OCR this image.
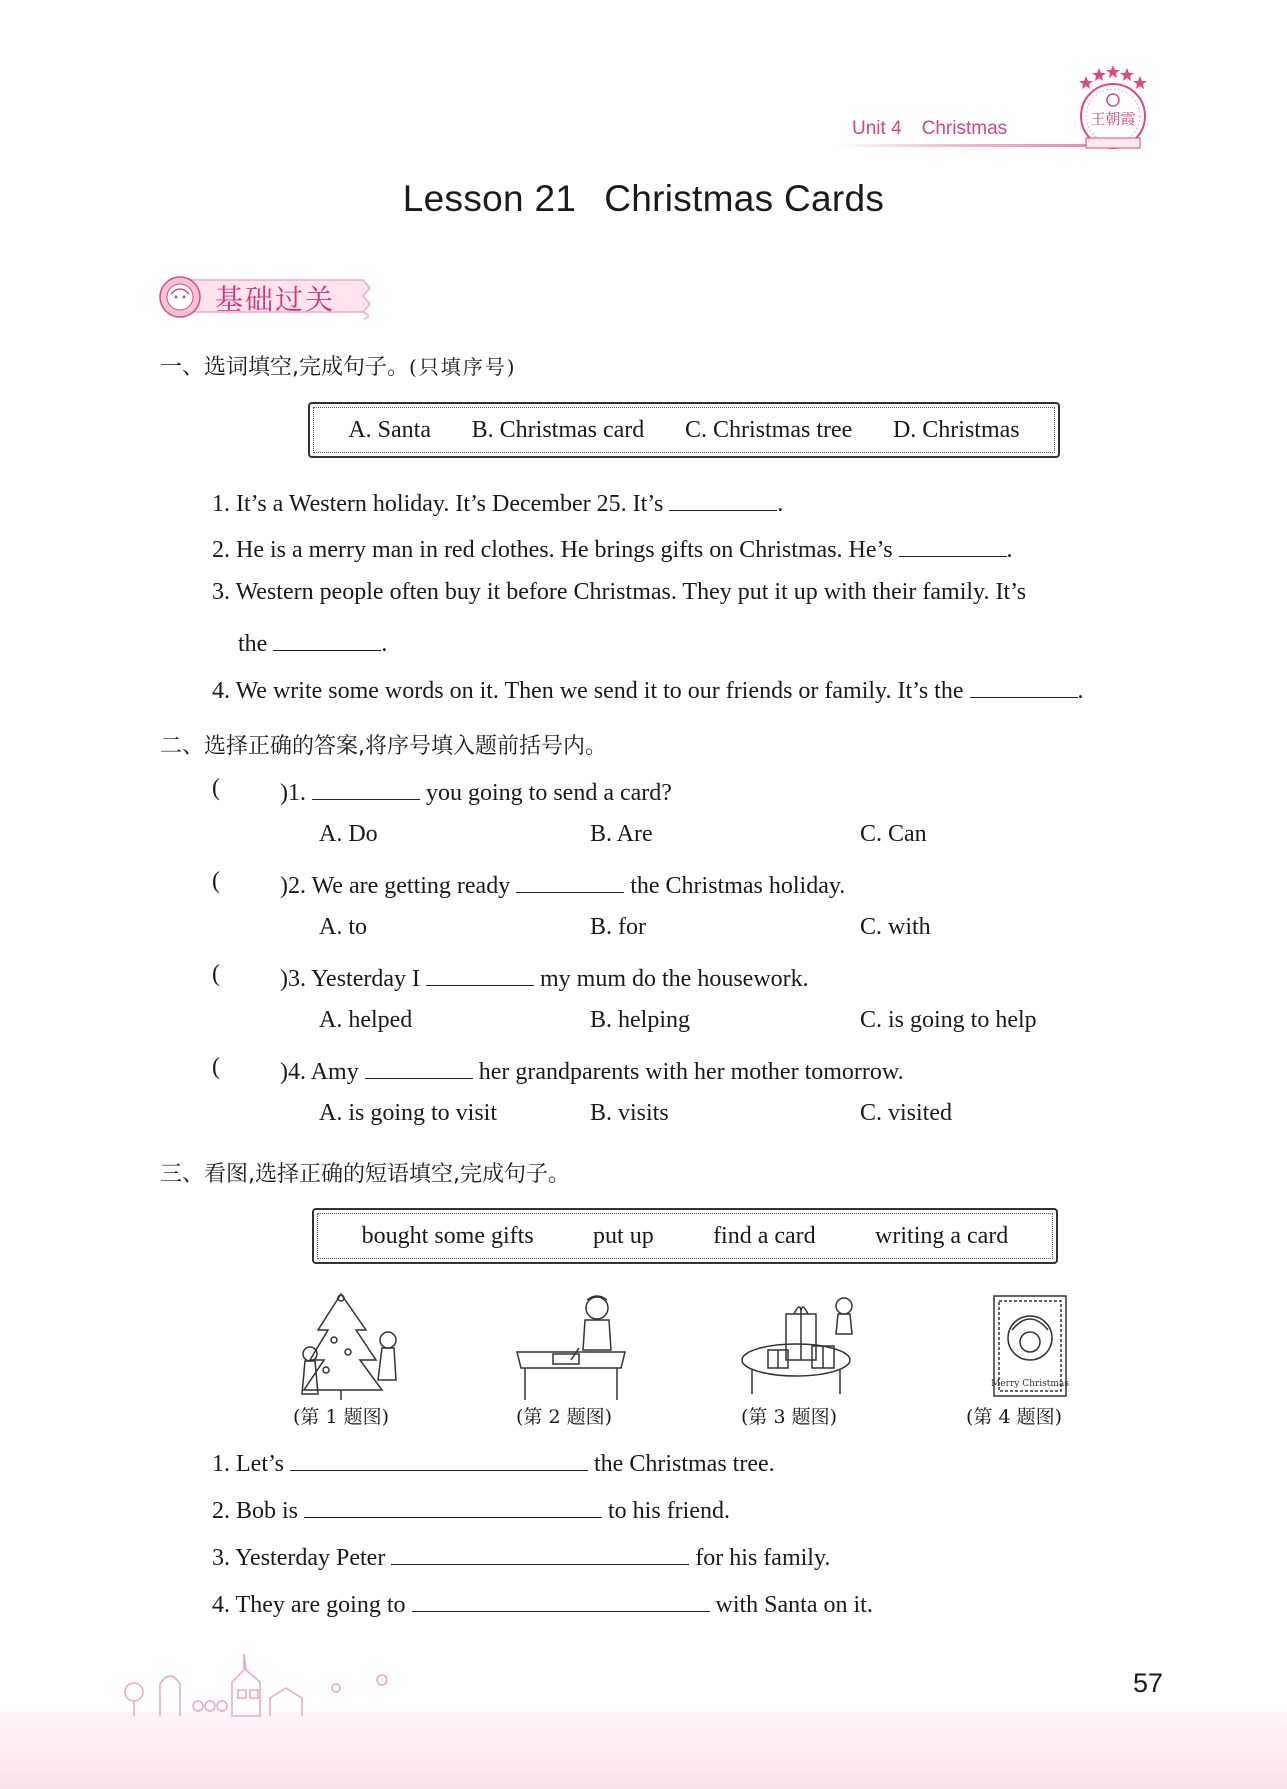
Unit 4 Christmas	王朝霞
Lesson 21 Christmas Cards
基础过关
一、选词填空,完成句子。(只填序号)
A. Santa B. Christmas card C. Christmas tree D. Christmas
1. It’s a Western holiday. It’s December 25. It’s	.
2. He is a merry man in red clothes. He brings gifts on Christmas. He’s	.
3. Western people often buy it before Christmas. They put it up with their family. It’s
the	.
4. We write some words on it. Then we send it to our friends or family. It’s the	.
二、选择正确的答案,将序号填入题前括号内。
(	)1.	you going to send a card?
A. Do	B. Are	C. Can
(	)2. We are getting ready	the Christmas holiday.
A. to	B. for	C. with
(	)3. Yesterday I	my mum do the housework.
A. helped	B. helping	C. is going to help
(	)4. Amy	her grandparents with her mother tomorrow.
A. is going to visit	B. visits	C. visited
三、看图,选择正确的短语填空,完成句子。
bought some gifts put up find a card writing a card
Merry Christmas
(第 1 题图)	(第 2 题图)	(第 3 题图)	(第 4 题图)
1. Let’s	the Christmas tree.
2. Bob is	to his friend.
3. Yesterday Peter	for his family.
4. They are going to	with Santa on it.
57
